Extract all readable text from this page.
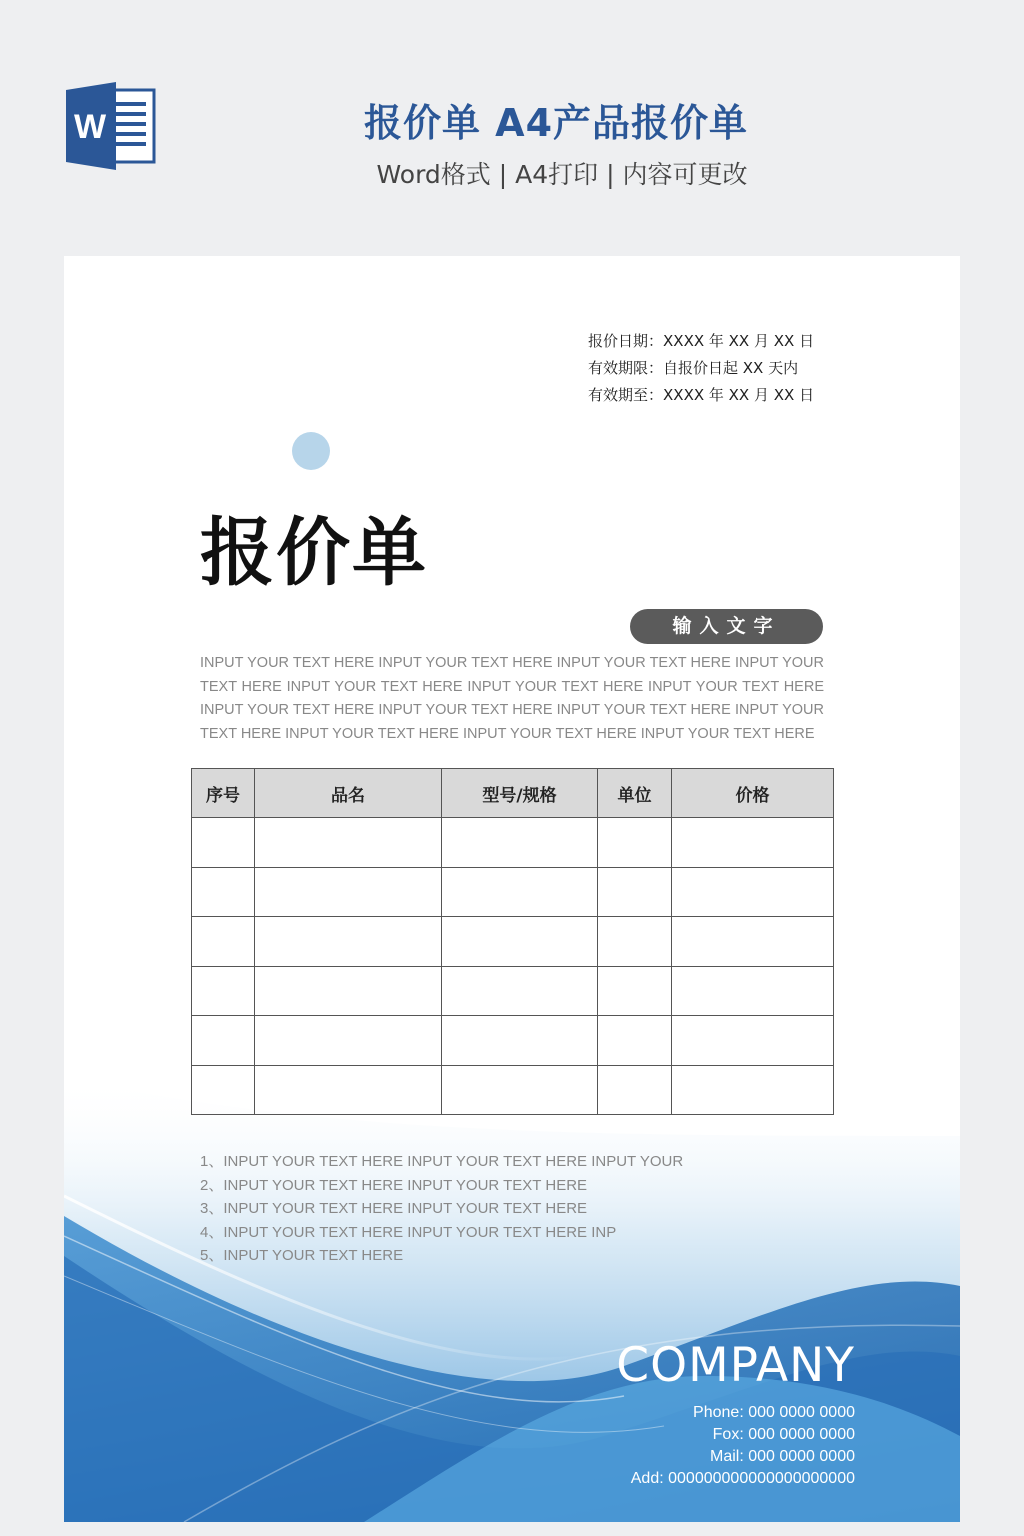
W	报价单 A4产品报价单
Word格式 | A4打印 | 内容可更改
报价日期：XXXX 年 XX 月 XX 日
有效期限：自报价日起 XX 天内
有效期至：XXXX 年 XX 月 XX 日
报价单
输入文字
INPUT YOUR TEXT HERE INPUT YOUR TEXT HERE INPUT YOUR TEXT HERE INPUT YOUR TEXT HERE INPUT YOUR TEXT HERE INPUT YOUR TEXT HERE INPUT YOUR TEXT HERE INPUT YOUR TEXT HERE INPUT YOUR TEXT HERE INPUT YOUR TEXT HERE INPUT YOUR TEXT HERE INPUT YOUR TEXT HERE INPUT YOUR TEXT HERE INPUT YOUR TEXT HERE
序号	品名	型号/规格	单位	价格

1、INPUT YOUR TEXT HERE INPUT YOUR TEXT HERE INPUT YOUR
2、INPUT YOUR TEXT HERE INPUT YOUR TEXT HERE
3、INPUT YOUR TEXT HERE INPUT YOUR TEXT HERE
4、INPUT YOUR TEXT HERE INPUT YOUR TEXT HERE INP
5、INPUT YOUR TEXT HERE
COMPANY
Phone: 000 0000 0000
Fox: 000 0000 0000
Mail: 000 0000 0000
Add: 000000000000000000000
